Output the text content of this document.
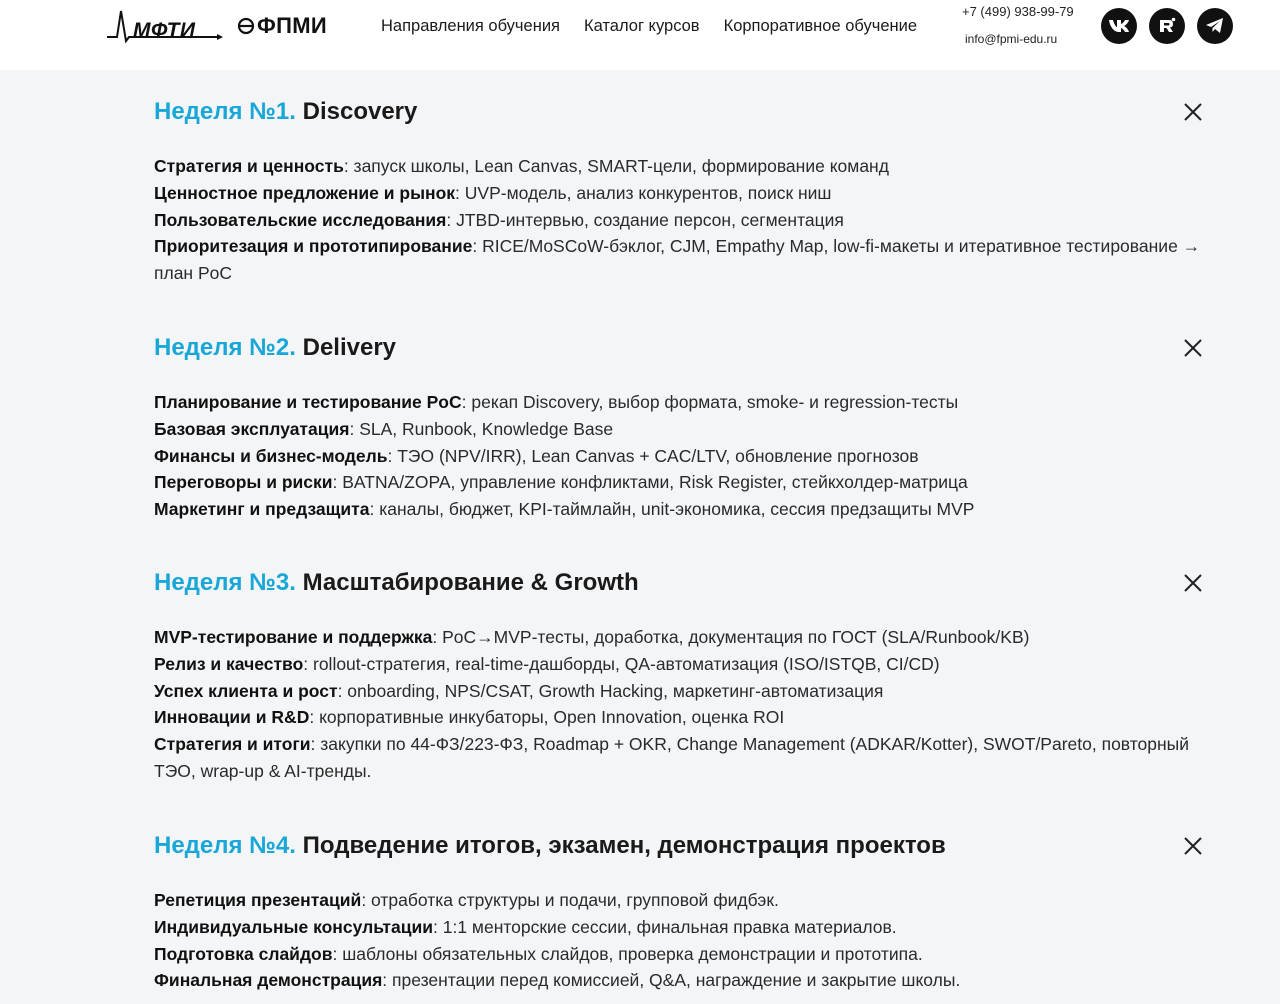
МФТИ	ФПМИ	Направления обучения Каталог курсов Корпоративное обучение
+7 (499) 938-99-79
info@fpmi-edu.ru
Неделя №1. Discovery
Стратегия и ценность: запуск школы, Lean Canvas, SMART-цели, формирование команд
Ценностное предложение и рынок: UVP-модель, анализ конкурентов, поиск ниш
Пользовательские исследования: JTBD-интервью, создание персон, сегментация
Приоритезация и прототипирование: RICE/MoSCoW-бэклог, CJM, Empathy Map, low-fi-макеты и итеративное тестирование → план PoC
Неделя №2. Delivery
Планирование и тестирование PoC: рекап Discovery, выбор формата, smoke- и regression-тесты
Базовая эксплуатация: SLA, Runbook, Knowledge Base
Финансы и бизнес-модель: ТЭО (NPV/IRR), Lean Canvas + CAC/LTV, обновление прогнозов
Переговоры и риски: BATNA/ZOPA, управление конфликтами, Risk Register, стейкхолдер-матрица
Маркетинг и предзащита: каналы, бюджет, KPI-таймлайн, unit-экономика, сессия предзащиты MVP
Неделя №3. Масштабирование & Growth
MVP-тестирование и поддержка: PoC→MVP-тесты, доработка, документация по ГОСТ (SLA/Runbook/KB)
Релиз и качество: rollout-стратегия, real-time-дашборды, QA-автоматизация (ISO/ISTQB, CI/CD)
Успех клиента и рост: onboarding, NPS/CSAT, Growth Hacking, маркетинг-автоматизация
Инновации и R&D: корпоративные инкубаторы, Open Innovation, оценка ROI
Стратегия и итоги: закупки по 44-ФЗ/223-ФЗ, Roadmap + OKR, Change Management (ADKAR/Kotter), SWOT/Pareto, повторный ТЭО, wrap-up & AI-тренды.
Неделя №4. Подведение итогов, экзамен, демонстрация проектов
Репетиция презентаций: отработка структуры и подачи, групповой фидбэк.
Индивидуальные консультации: 1:1 менторские сессии, финальная правка материалов.
Подготовка слайдов: шаблоны обязательных слайдов, проверка демонстрации и прототипа.
Финальная демонстрация: презентации перед комиссией, Q&A, награждение и закрытие школы.
